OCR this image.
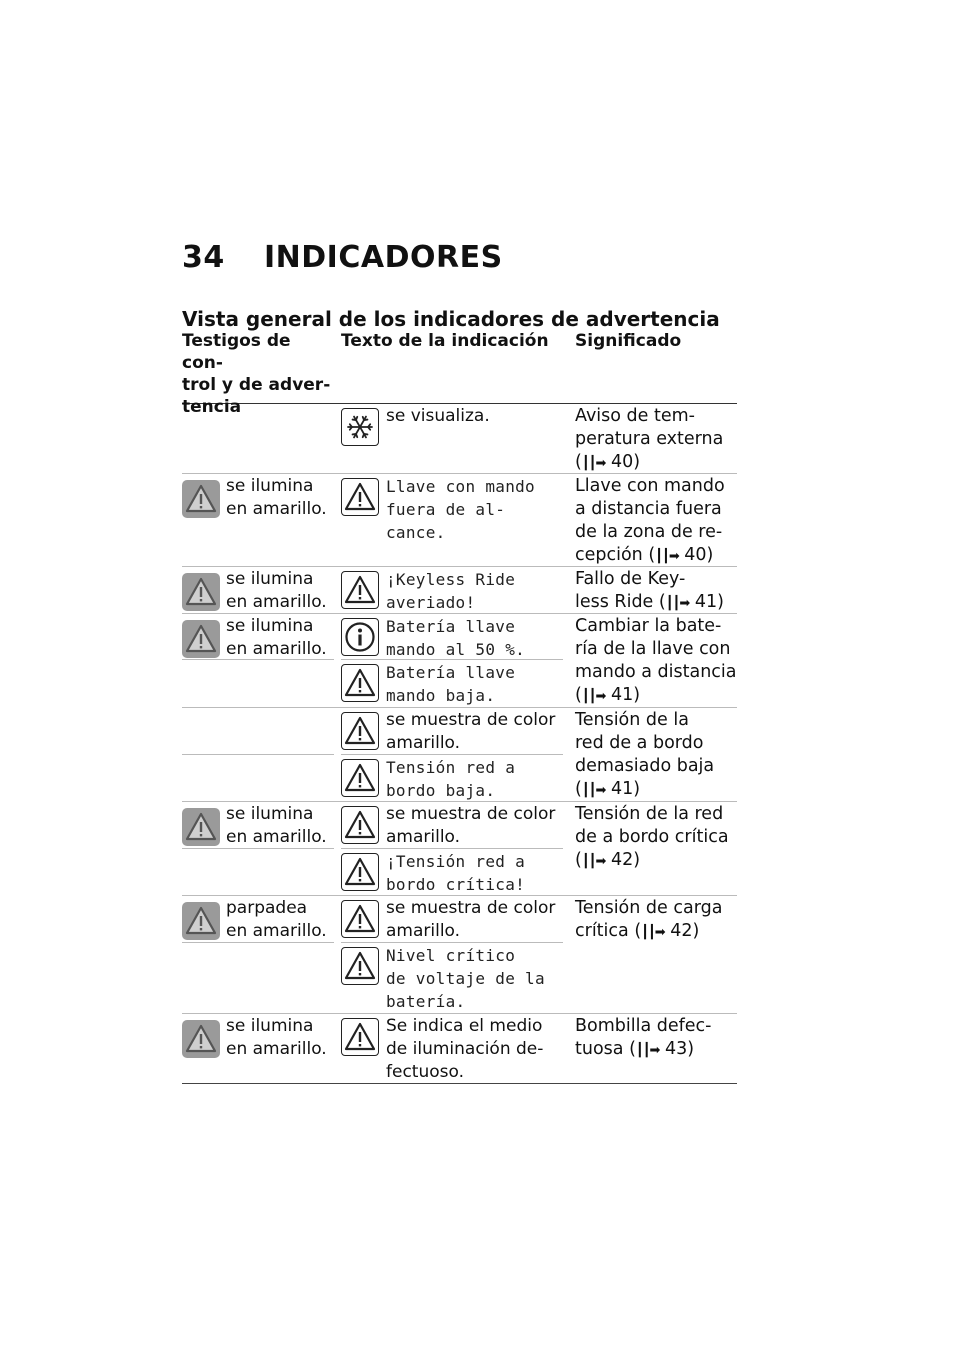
34 INDICADORES
Vista general de los indicadores de advertencia
Testigos de con-
trol y de adver-
tencia
Texto de la indicación	Significado
se visualiza.	Aviso de tem-
peratura externa
(┃┃➡ 40)
se ilumina
en amarillo.
Llave con mando
fuera de al-
cance.
Llave con mando
a distancia fuera
de la zona de re-
cepción (┃┃➡ 40)
se ilumina
en amarillo.
¡Keyless Ride
averiado!
Fallo de Key-
less Ride (┃┃➡ 41)
se ilumina
en amarillo.
Batería llave
mando al 50 %.
Cambiar la bate-
ría de la llave con
mando a distancia
(┃┃➡ 41)
Batería llave
mando baja.
se muestra de color
amarillo.
Tensión de la
red de a bordo
demasiado baja
(┃┃➡ 41)
Tensión red a
bordo baja.
se ilumina
en amarillo.
se muestra de color
amarillo.
Tensión de la red
de a bordo crítica
(┃┃➡ 42)
¡Tensión red a
bordo crítica!
parpadea
en amarillo.
se muestra de color
amarillo.
Tensión de carga
crítica (┃┃➡ 42)
Nivel crítico
de voltaje de la
batería.
se ilumina
en amarillo.
Se indica el medio
de iluminación de-
fectuoso.
Bombilla defec-
tuosa (┃┃➡ 43)
